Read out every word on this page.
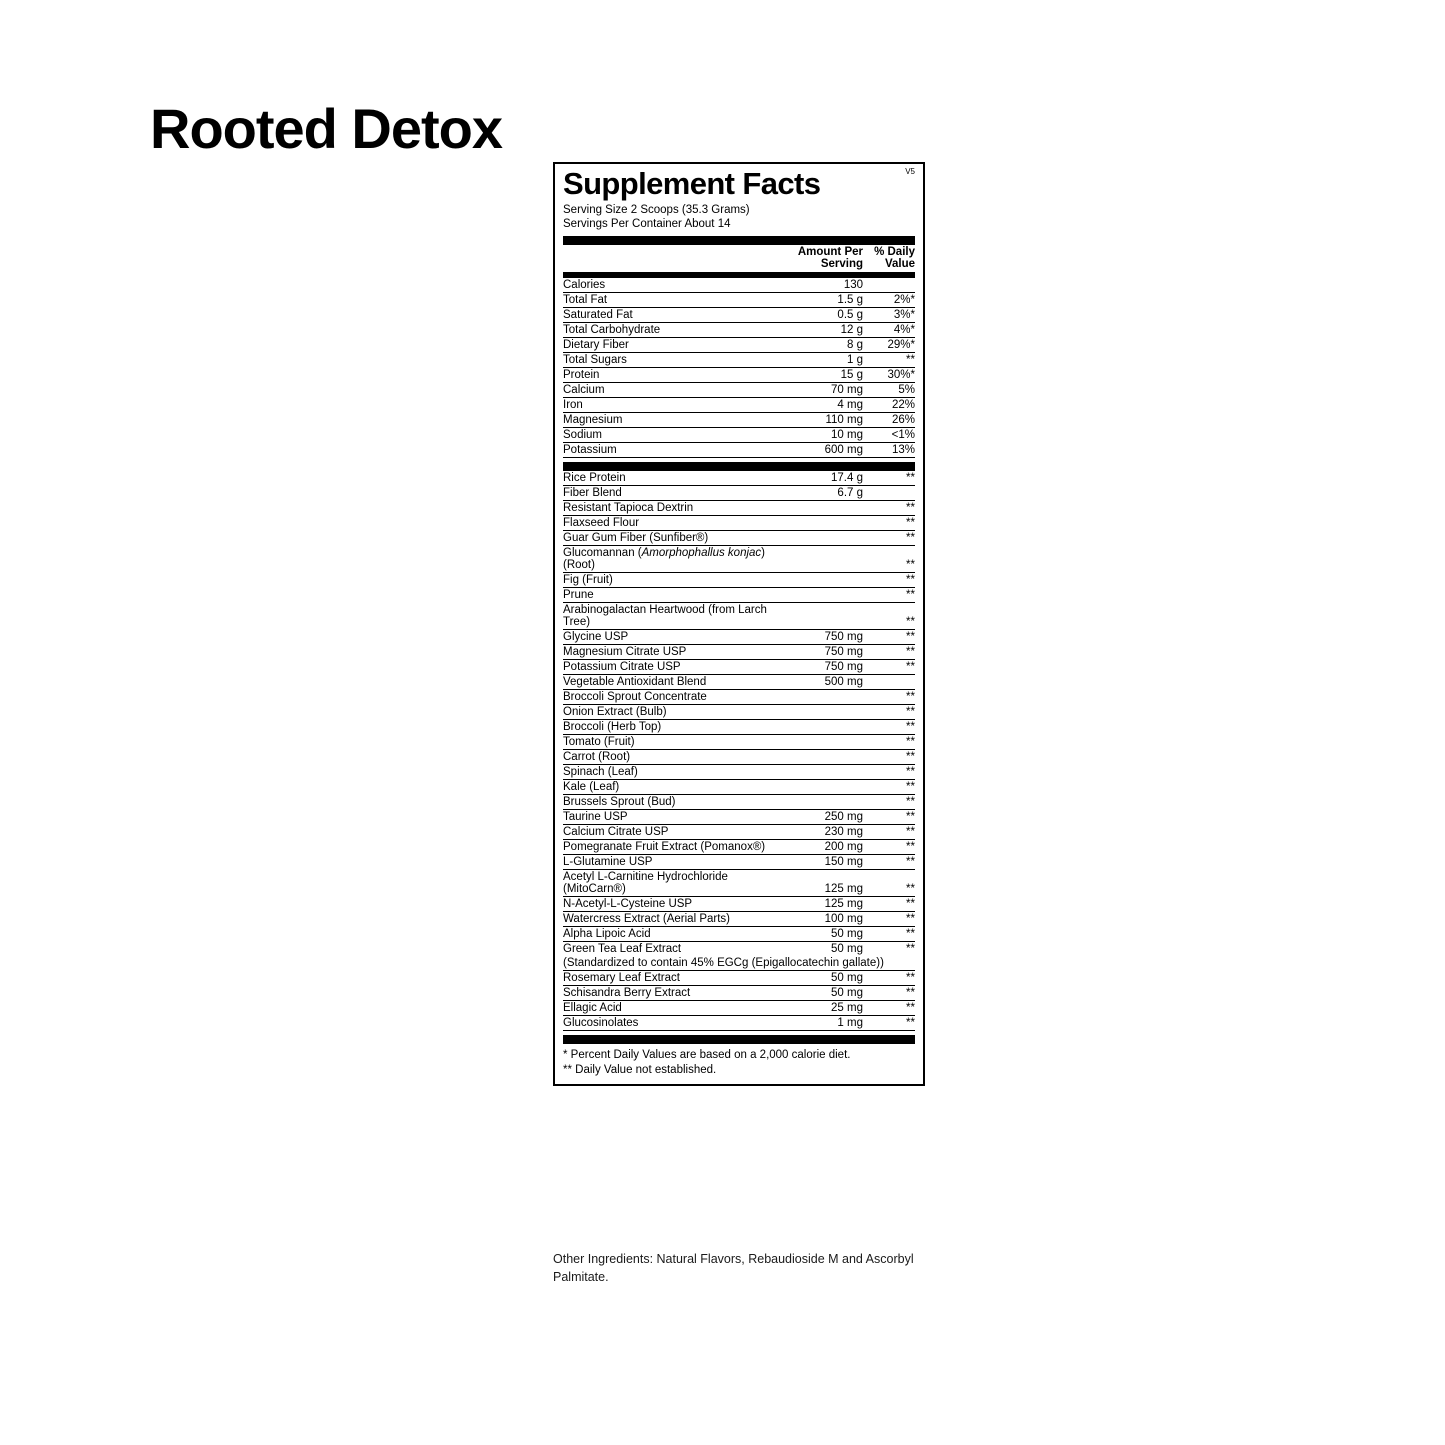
Rooted Detox
Supplement Facts	V5
Serving Size 2 Scoops (35.3 Grams)
Servings Per Container About 14
	Amount Per
Serving	% Daily
Value
Calories	130	
Total Fat	1.5 g	2%*
Saturated Fat	0.5 g	3%*
Total Carbohydrate	12 g	4%*
Dietary Fiber	8 g	29%*
Total Sugars	1 g	**
Protein	15 g	30%*
Calcium	70 mg	5%
Iron	4 mg	22%
Magnesium	110 mg	26%
Sodium	10 mg	<1%
Potassium	600 mg	13%
Rice Protein	17.4 g	**
Fiber Blend	6.7 g	
Resistant Tapioca Dextrin		**
Flaxseed Flour		**
Guar Gum Fiber (Sunfiber®)		**
Glucomannan (Amorphophallus konjac) (Root)		**
Fig (Fruit)		**
Prune		**
Arabinogalactan Heartwood (from Larch Tree)		**
Glycine USP	750 mg	**
Magnesium Citrate USP	750 mg	**
Potassium Citrate USP	750 mg	**
Vegetable Antioxidant Blend	500 mg	
Broccoli Sprout Concentrate		**
Onion Extract (Bulb)		**
Broccoli (Herb Top)		**
Tomato (Fruit)		**
Carrot (Root)		**
Spinach (Leaf)		**
Kale (Leaf)		**
Brussels Sprout (Bud)		**
Taurine USP	250 mg	**
Calcium Citrate USP	230 mg	**
Pomegranate Fruit Extract (Pomanox®)	200 mg	**
L-Glutamine USP	150 mg	**
Acetyl L-Carnitine Hydrochloride (MitoCarn®)	125 mg	**
N-Acetyl-L-Cysteine USP	125 mg	**
Watercress Extract (Aerial Parts)	100 mg	**
Alpha Lipoic Acid	50 mg	**
Green Tea Leaf Extract	50 mg	**
(Standardized to contain 45% EGCg (Epigallocatechin gallate))		
Rosemary Leaf Extract	50 mg	**
Schisandra Berry Extract	50 mg	**
Ellagic Acid	25 mg	**
Glucosinolates	1 mg	**
* Percent Daily Values are based on a 2,000 calorie diet.
** Daily Value not established.
Other Ingredients: Natural Flavors, Rebaudioside M and Ascorbyl Palmitate.
